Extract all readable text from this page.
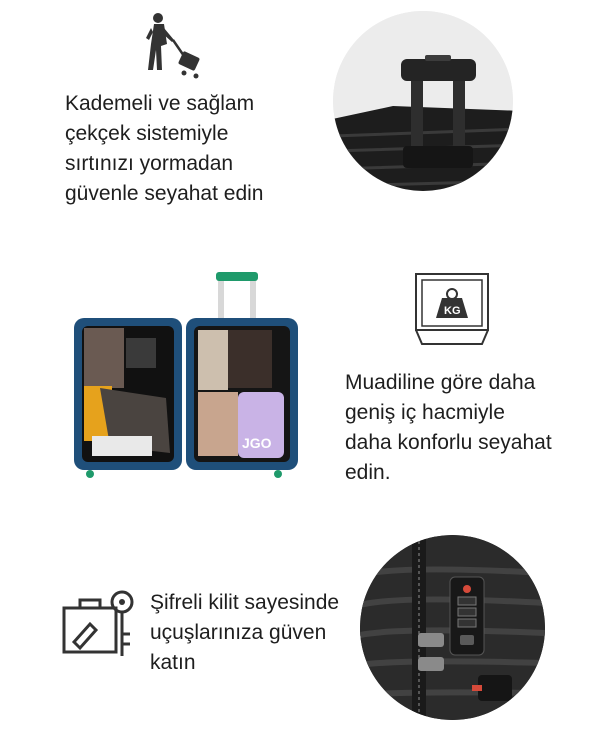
Kademeli ve sağlam
çekçek sistemiyle
sırtınızı yormadan
güvenle seyahat edin
JGO
KG
Muadiline göre daha
geniş iç hacmiyle
daha konforlu seyahat
edin.
Şifreli kilit sayesinde
uçuşlarınıza güven
katın
